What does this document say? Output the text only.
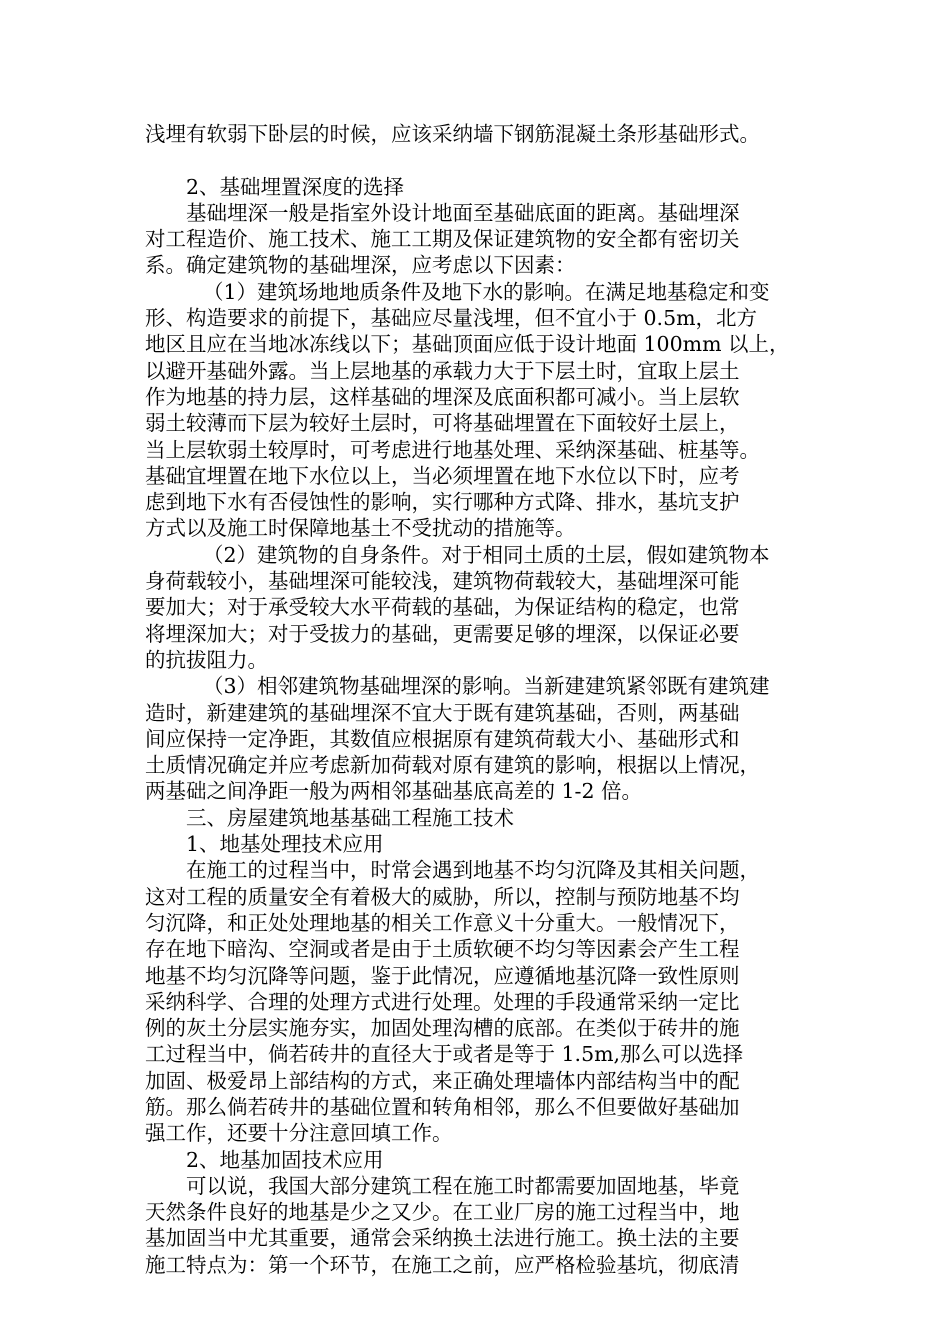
浅埋有软弱下卧层的时候，应该采纳墙下钢筋混凝土条形基础形式。
2、基础埋置深度的选择
基础埋深一般是指室外设计地面至基础底面的距离。基础埋深
对工程造价、施工技术、施工工期及保证建筑物的安全都有密切关
系。确定建筑物的基础埋深，应考虑以下因素：
（1）建筑场地地质条件及地下水的影响。在满足地基稳定和变
形、构造要求的前提下，基础应尽量浅埋，但不宜小于 0.5m，北方
地区且应在当地冰冻线以下；基础顶面应低于设计地面 100mm 以上，
以避开基础外露。当上层地基的承载力大于下层土时，宜取上层土
作为地基的持力层，这样基础的埋深及底面积都可减小。当上层软
弱土较薄而下层为较好土层时，可将基础埋置在下面较好土层上，
当上层软弱土较厚时，可考虑进行地基处理、采纳深基础、桩基等。
基础宜埋置在地下水位以上，当必须埋置在地下水位以下时，应考
虑到地下水有否侵蚀性的影响，实行哪种方式降、排水，基坑支护
方式以及施工时保障地基土不受扰动的措施等。
（2）建筑物的自身条件。对于相同土质的土层，假如建筑物本
身荷载较小，基础埋深可能较浅，建筑物荷载较大，基础埋深可能
要加大；对于承受较大水平荷载的基础，为保证结构的稳定，也常
将埋深加大；对于受拔力的基础，更需要足够的埋深，以保证必要
的抗拔阻力。
（3）相邻建筑物基础埋深的影响。当新建建筑紧邻既有建筑建
造时，新建建筑的基础埋深不宜大于既有建筑基础，否则，两基础
间应保持一定净距，其数值应根据原有建筑荷载大小、基础形式和
土质情况确定并应考虑新加荷载对原有建筑的影响，根据以上情况，
两基础之间净距一般为两相邻基础基底高差的 1-2 倍。
三、房屋建筑地基基础工程施工技术
1、地基处理技术应用
在施工的过程当中，时常会遇到地基不均匀沉降及其相关问题，
这对工程的质量安全有着极大的威胁，所以，控制与预防地基不均
匀沉降，和正处处理地基的相关工作意义十分重大。一般情况下，
存在地下暗沟、空洞或者是由于土质软硬不均匀等因素会产生工程
地基不均匀沉降等问题，鉴于此情况，应遵循地基沉降一致性原则
采纳科学、合理的处理方式进行处理。处理的手段通常采纳一定比
例的灰土分层实施夯实，加固处理沟槽的底部。在类似于砖井的施
工过程当中，倘若砖井的直径大于或者是等于 1.5m,那么可以选择
加固、极爱昂上部结构的方式，来正确处理墙体内部结构当中的配
筋。那么倘若砖井的基础位置和转角相邻，那么不但要做好基础加
强工作，还要十分注意回填工作。
2、地基加固技术应用
可以说，我国大部分建筑工程在施工时都需要加固地基，毕竟
天然条件良好的地基是少之又少。在工业厂房的施工过程当中，地
基加固当中尤其重要，通常会采纳换土法进行施工。换土法的主要
施工特点为：第一个环节，在施工之前，应严格检验基坑，彻底清
